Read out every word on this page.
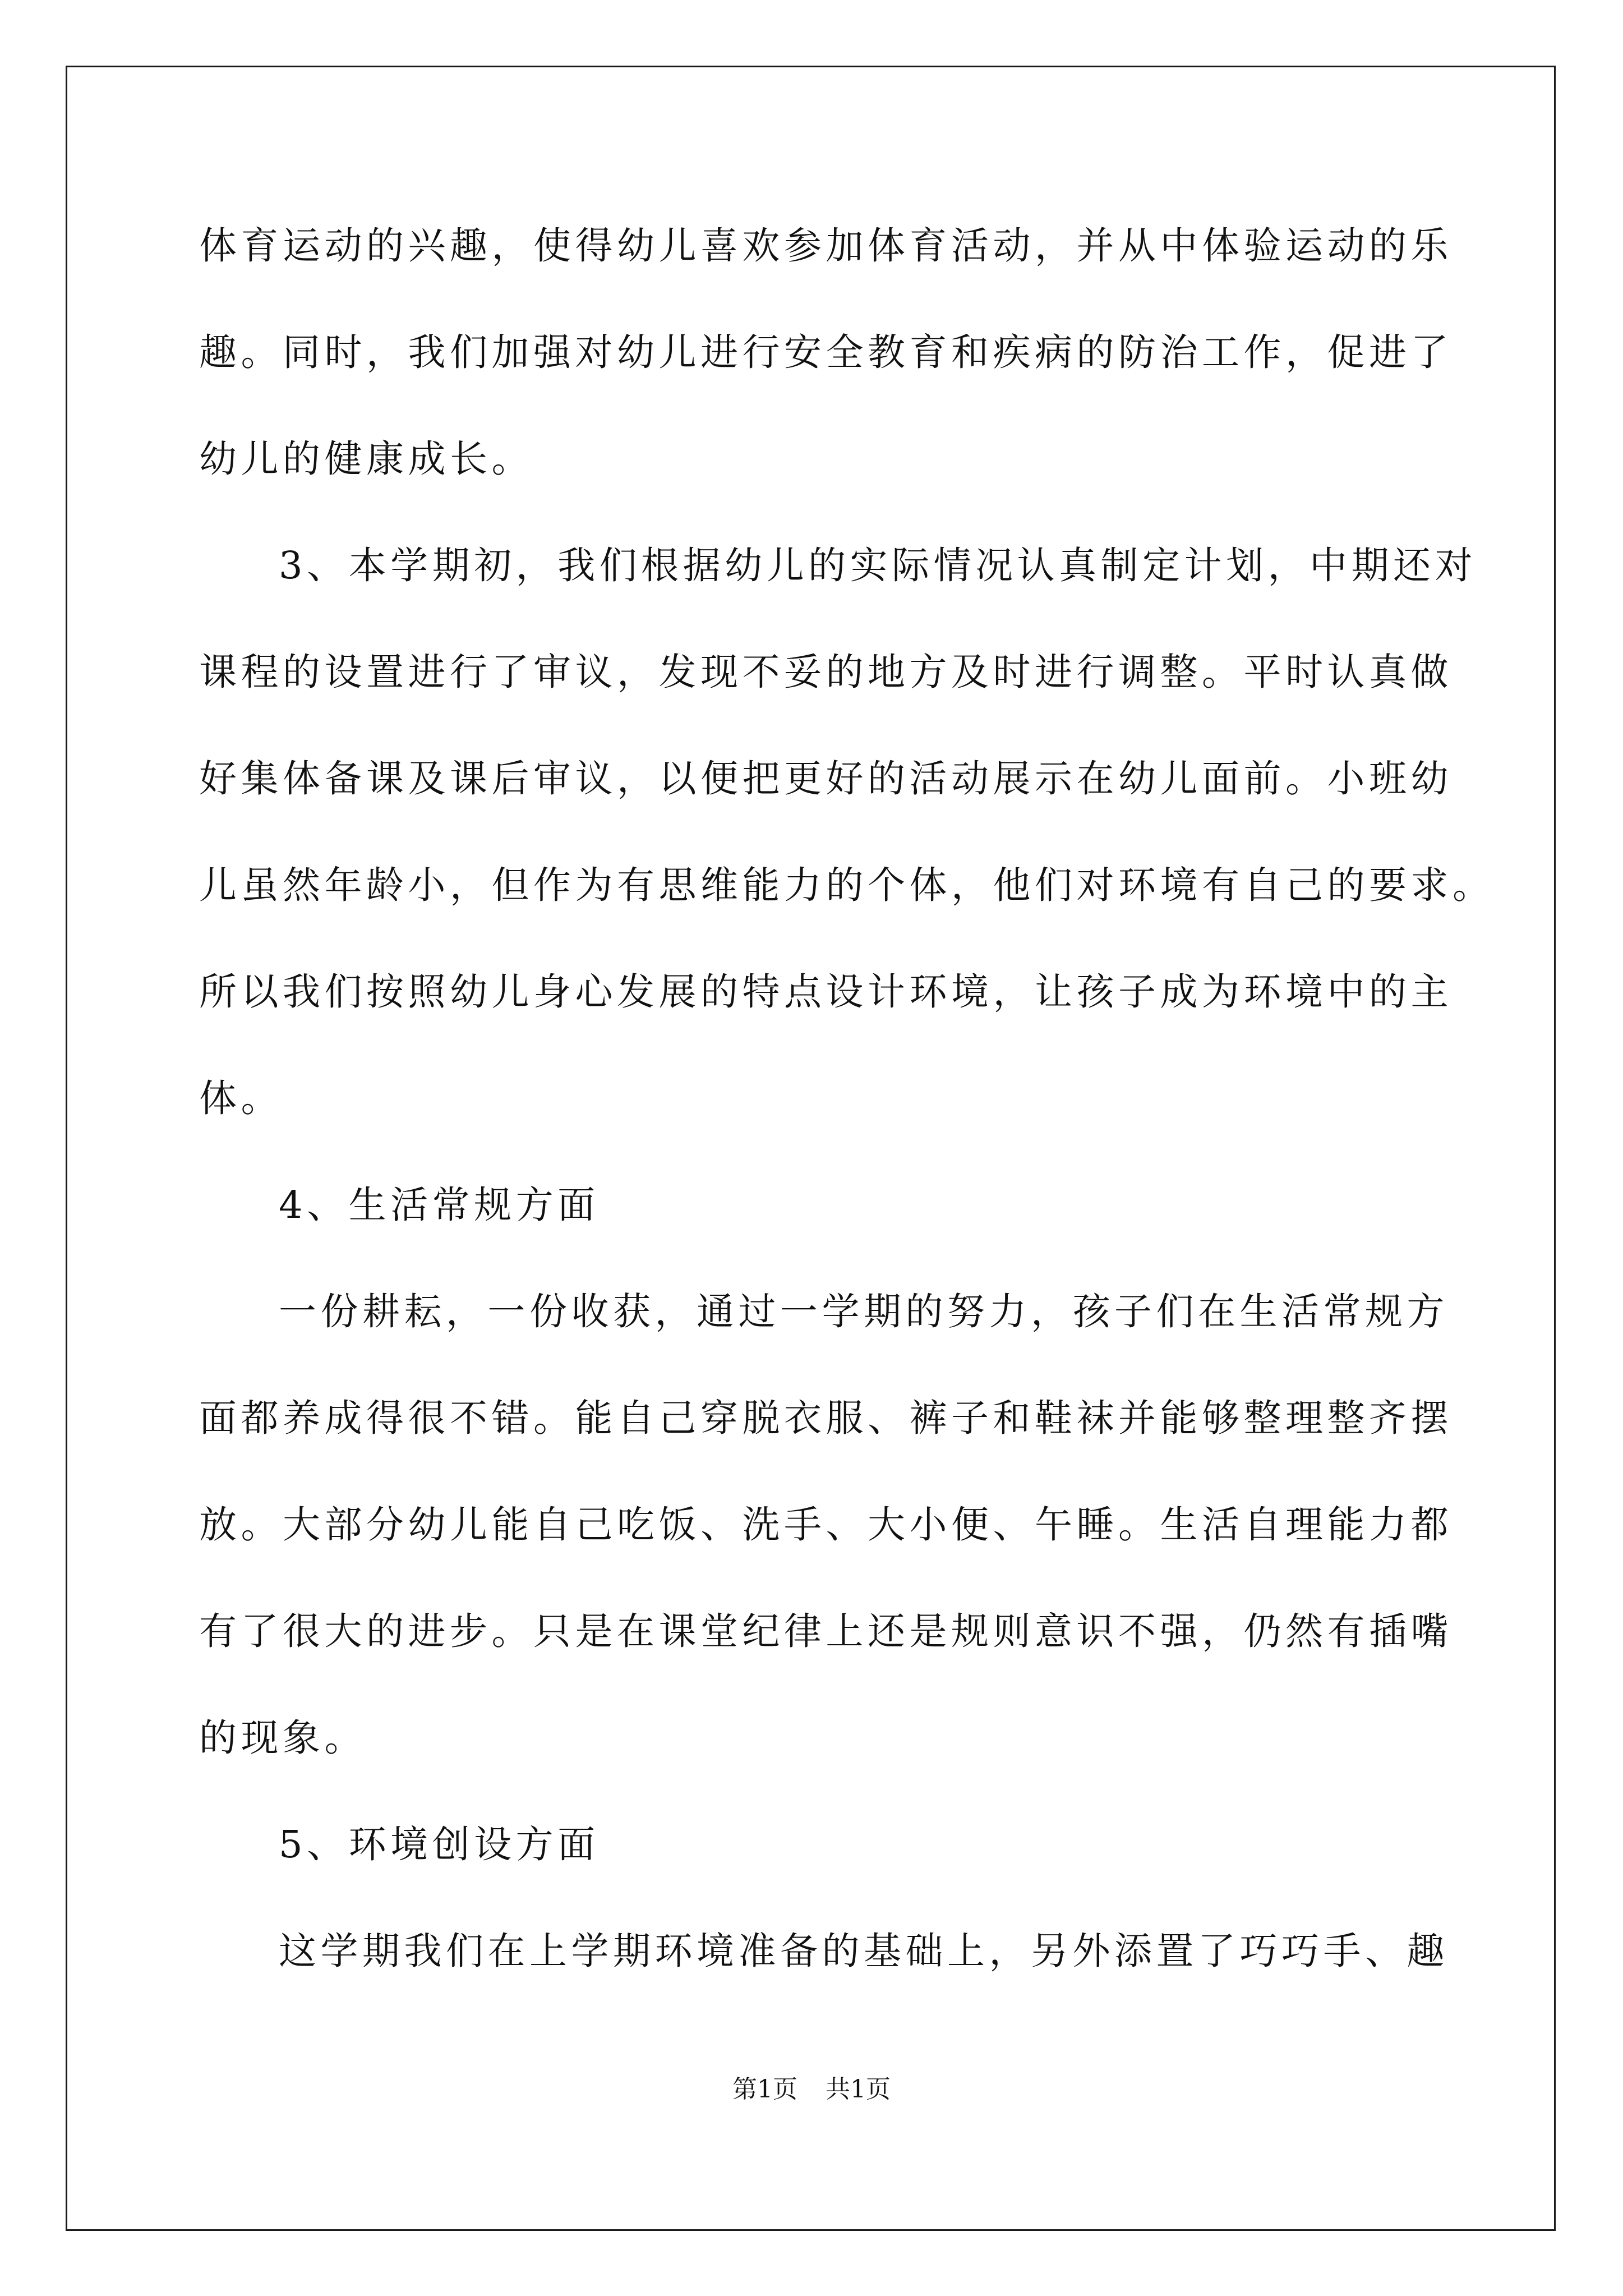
体育运动的兴趣，使得幼儿喜欢参加体育活动，并从中体验运动的乐
趣。同时，我们加强对幼儿进行安全教育和疾病的防治工作，促进了
幼儿的健康成长。
3、本学期初，我们根据幼儿的实际情况认真制定计划，中期还对
课程的设置进行了审议，发现不妥的地方及时进行调整。平时认真做
好集体备课及课后审议，以便把更好的活动展示在幼儿面前。小班幼
儿虽然年龄小，但作为有思维能力的个体，他们对环境有自己的要求。
所以我们按照幼儿身心发展的特点设计环境，让孩子成为环境中的主
体。
4、生活常规方面
一份耕耘，一份收获，通过一学期的努力，孩子们在生活常规方
面都养成得很不错。能自己穿脱衣服、裤子和鞋袜并能够整理整齐摆
放。大部分幼儿能自己吃饭、洗手、大小便、午睡。生活自理能力都
有了很大的进步。只是在课堂纪律上还是规则意识不强，仍然有插嘴
的现象。
5、环境创设方面
这学期我们在上学期环境准备的基础上，另外添置了巧巧手、趣
第1页 共1页
